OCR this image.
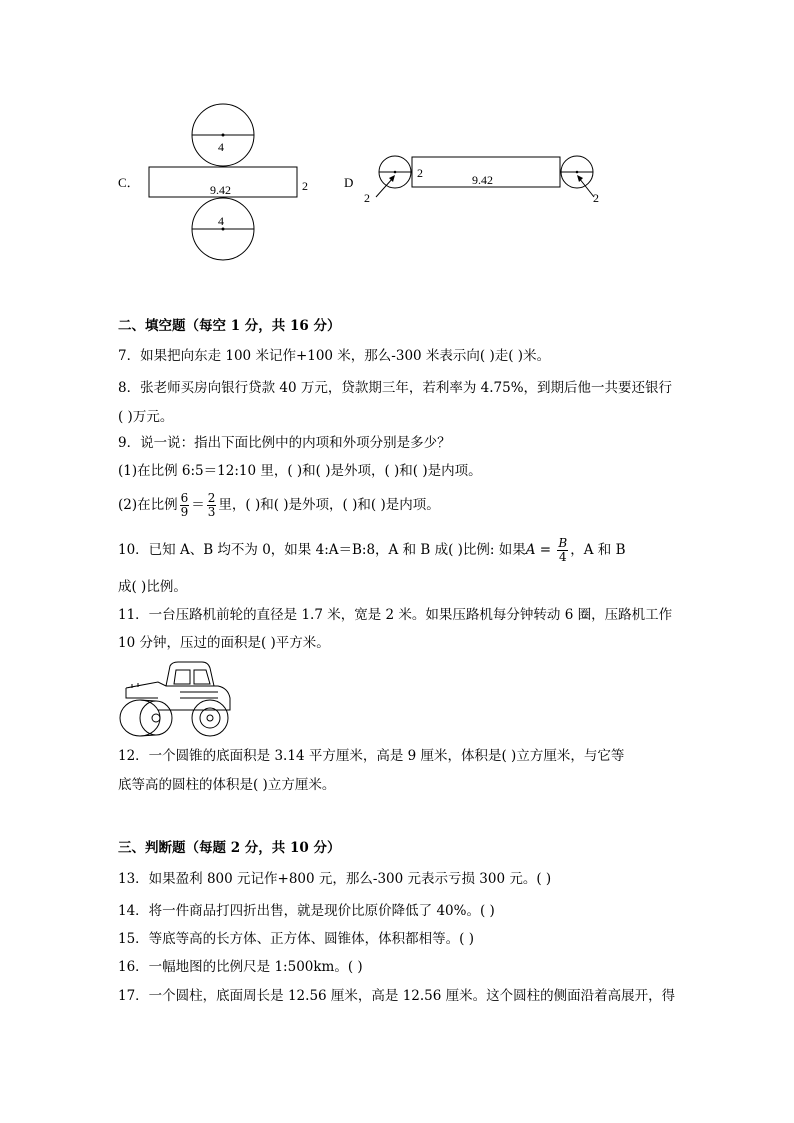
C．
4
9.42	2
4
D
2
2	9.42
2
二、填空题（每空 1 分，共 16 分）
7．如果把向东走 100 米记作+100 米，那么-300 米表示向( )走( )米。
8．张老师买房向银行贷款 40 万元，贷款期三年，若利率为 4.75%，到期后他一共要还银行
( )万元。
9．说一说：指出下面比例中的内项和外项分别是多少？
(1)在比例 6:5＝12:10 里，( )和( )是外项，( )和( )是内项。
(2)在比例 $\frac{6}{9} = \frac{2}{3}$ 里，( )和( )是外项，( )和( )是内项。
10．已知 A、B 均不为 0，如果 4:A＝B:8，A 和 B 成( )比例: 如果$A = \frac{B}{4}$ ，A 和 B
成( )比例。
11．一台压路机前轮的直径是 1.7 米，宽是 2 米。如果压路机每分钟转动 6 圈，压路机工作
10 分钟，压过的面积是( )平方米。
12．一个圆锥的底面积是 3.14 平方厘米，高是 9 厘米，体积是( )立方厘米，与它等
底等高的圆柱的体积是( )立方厘米。
三、判断题（每题 2 分，共 10 分）
13．如果盈利 800 元记作+800 元，那么-300 元表示亏损 300 元。( )
14．将一件商品打四折出售，就是现价比原价降低了 40%。( )
15．等底等高的长方体、正方体、圆锥体，体积都相等。( )
16．一幅地图的比例尺是 1:500km。( )
17．一个圆柱，底面周长是 12.56 厘米，高是 12.56 厘米。这个圆柱的侧面沿着高展开，得
